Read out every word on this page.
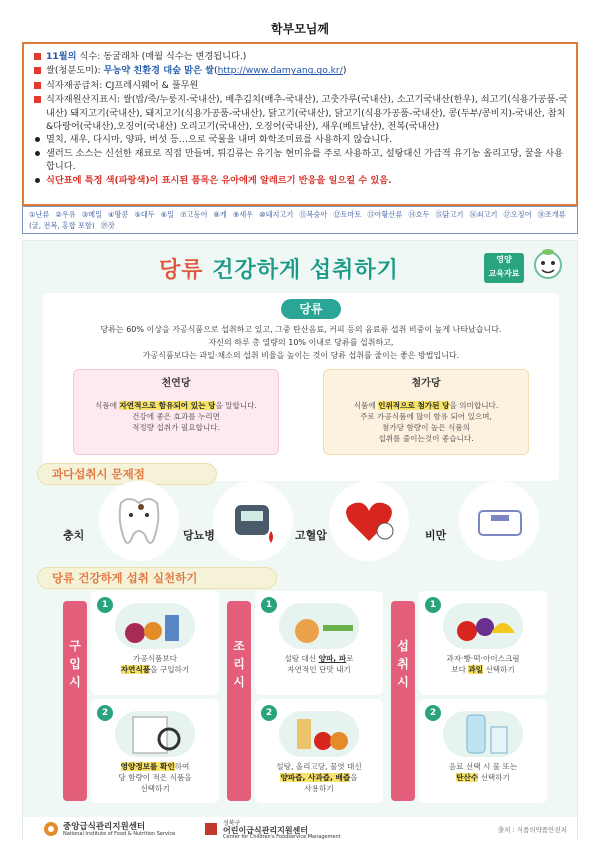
학부모님께
11월의 식수: 동굴래차 (매월 식수는 변경됩니다.)
쌀(청분도미): 무농약 친환경 대숲 맑은 쌀(http://www.damyang.go.kr/)
식자재공급처: CJ프레시웨어 & 풀무원
식자재원산지표시: 쌀(밥/죽/누룽지-국내산), 배추김치(배추-국내산), 고춧가루(국내산), 소고기국내산(한우), 쇠고기(식용가공품-국내산) 돼지고기(국내산), 돼지고기(식용가공품-국내산), 닭고기(국내산), 닭고기(식용가공품-국내산), 콩(두부/콩비지)-국내산, 참치&다랑어(국내산),오징어(국내산) 오리고기(국내산), 오징어(국내산), 새우(베트남산), 전복(국내산)
멸치, 새우, 다시마, 양파, 버섯 등…으로 국물을 내며 화학조미료를 사용하지 않습니다.
샐러드 소스는 신선한 재료로 직접 만들며, 튀김류는 유기농 현미유를 주로 사용하고, 설탕대신 가급적 유기농 올리고당, 꿀을 사용합니다.
식단표에 특정 색(파랑색)이 표시된 품목은 유아에게 알레르기 반응을 일으킬 수 있음.
①난류 ②우유 ③메밀 ④땅콩 ⑤대두 ⑥밀 ⑦고등어 ⑧게 ⑨새우 ⑩돼지고기 ⑪복숭아 ⑫토마토 ⑬아황산류 ⑭호두 ⑮닭고기 ⑯쇠고기 ⑰오징어 ⑱조개류(굴, 전복, 홍합 포함) ⑲잣
당류 건강하게 섭취하기	영양
교육자료
당류
당류는 60% 이상을 가공식품으로 섭취하고 있고, 그중 탄산음료, 커피 등의 음료류 섭취 비중이 높게 나타났습니다.
자신의 하루 총 열량의 10% 이내로 당류를 섭취하고,
가공식품보다는 과일·채소의 섭취 비율을 높이는 것이 당류 섭취를 줄이는 좋은 방법입니다.
천연당
식품에 자연적으로 함유되어 있는 당을 말합니다.
건강에 좋은 효과를 누리면
적정량 섭취가 필요합니다.
첨가당
식품에 인위적으로 첨가된 당을 의미합니다.
주로 가공식품에 많이 함유 되어 있으며,
첨가당 함량이 높은 식품의
섭취를 줄이는것이 좋습니다.
과다섭취시 문제점
충치	당뇨병	고혈압	비만
당류 건강하게 섭취 실천하기
구
입
시
1
가공식품보다
자연식품을 구입하기
2
영양정보를 확인하여
당 함량이 적은 식품을
선택하기
조
리
시
1
설탕 대신 양파, 파로
자연적인 단맛 내기
2
설탕, 올리고당, 물엿 대신
양파즙, 사과즙, 배즙을
사용하기
섭
취
시
1
과자·빵·떡·아이스크림
보다 과일 선택하기
2
음료 선택 시 물 또는
탄산수 선택하기
중앙급식관리지원센터
National Institute of Food & Nutrition Service
성북구
어린이급식관리지원센터
Center for Children's Foodservice Management
출처 : 식품의약품안전처
